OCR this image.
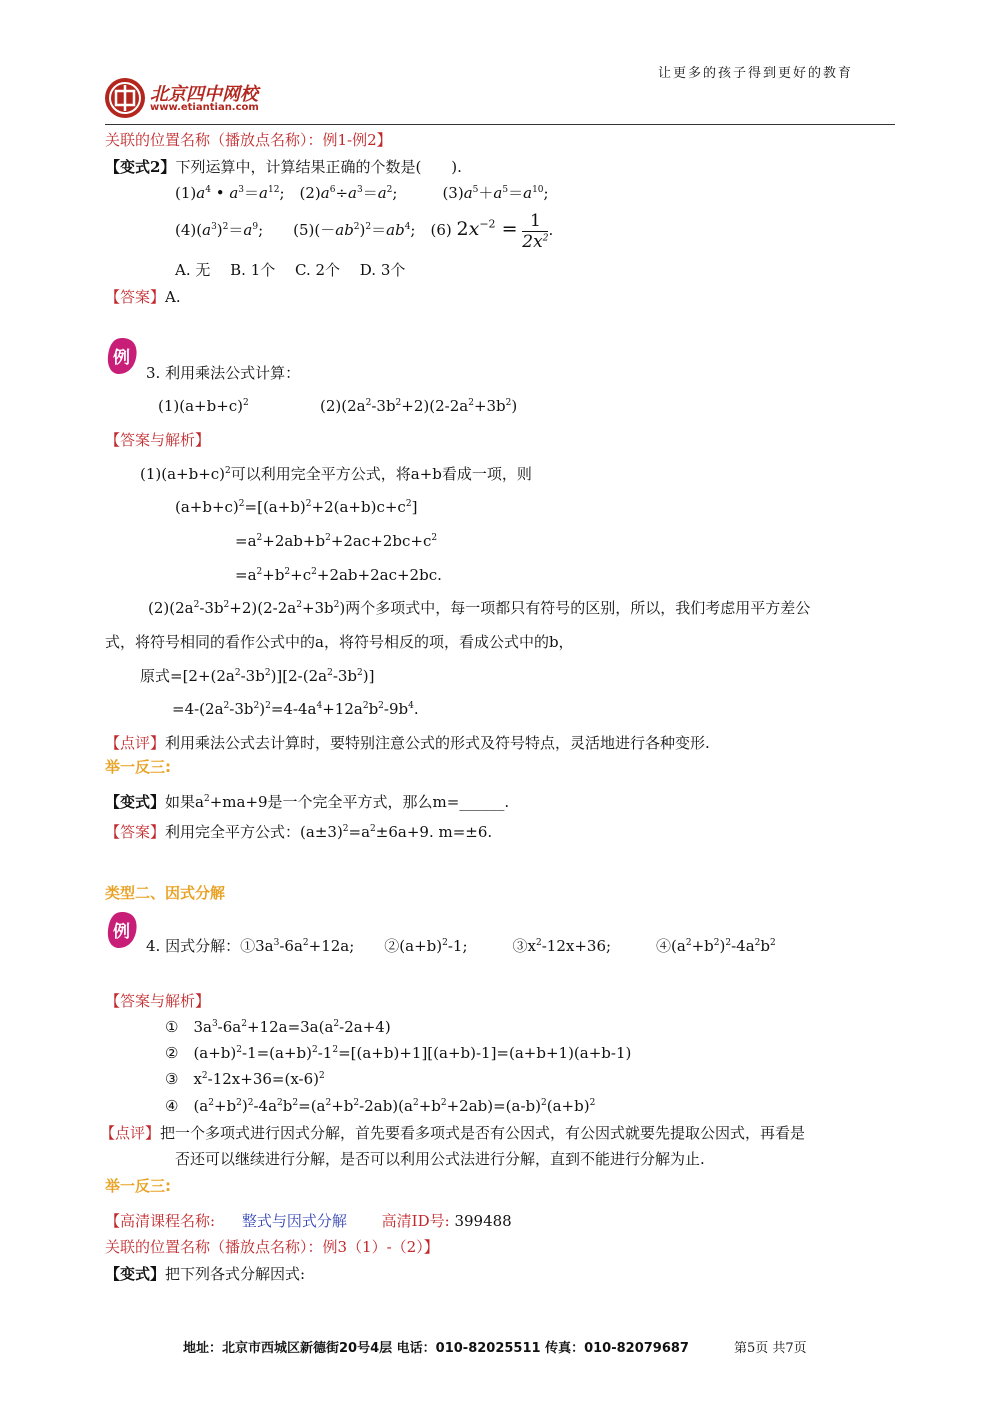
让更多的孩子得到更好的教育
北京四中网校
www.etiantian.com
关联的位置名称（播放点名称）：例1-例2】
【变式2】下列运算中，计算结果正确的个数是(　　).
$(1)a^4$ • $a^3=a^{12}$;　$(2)a^6\div a^3=a^2$;　　　$(3)a^5+a^5=a^{10}$;
$(4)(a^3)^2=a^9$;　　$(5)(-ab^2)^2=ab^4$;　(6) $2x^{-2} = \frac{1}{2x^2}$ .
A. 无　 B. 1个　 C. 2个　 D. 3个
【答案】A.
例
3. 利用乘法公式计算：
$(1)(a+b+c)^2$	$(2)(2a^2-3b^2+2)(2-2a^2+3b^2)$
【答案与解析】
$(1)(a+b+c)^2$可以利用完全平方公式，将a+b看成一项，则
$(a+b+c)^2=[(a+b)^2+2(a+b)c+c^2]$
$=a^2+2ab+b^2+2ac+2bc+c^2$
$=a^2+b^2+c^2+2ab+2ac+2bc$.
$(2)(2a^2-3b^2+2)(2-2a^2+3b^2)$两个多项式中，每一项都只有符号的区别，所以，我们考虑用平方差公
式，将符号相同的看作公式中的a，将符号相反的项，看成公式中的b，
原式$=[2+(2a^2-3b^2)][2-(2a^2-3b^2)]$
$=4-(2a^2-3b^2)^2=4-4a^4+12a^2b^2-9b^4$.
【点评】利用乘法公式去计算时，要特别注意公式的形式及符号特点，灵活地进行各种变形.
举一反三:
【变式】如果$a^2+ma+9$是一个完全平方式，那么m=______.
【答案】利用完全平方公式：$(a\pm 3)^2=a^2\pm 6a+9$. m=±6.
类型二、因式分解
例
4. 因式分解：$①3a^3-6a^2+12a$;　　$②(a+b)^2-1$;　　　$③x^2-12x+36$;　　　$④(a^2+b^2)^2-4a^2b^2$
【答案与解析】
①　$3a^3-6a^2+12a=3a(a^2-2a+4)$
②　$(a+b)^2-1=(a+b)^2-1^2=[(a+b)+1][(a+b)-1]=(a+b+1)(a+b-1)$
③　$x^2-12x+36=(x-6)^2$
④　$(a^2+b^2)^2-4a^2b^2=(a^2+b^2-2ab)(a^2+b^2+2ab)=(a-b)^2(a+b)^2$
【点评】把一个多项式进行因式分解，首先要看多项式是否有公因式，有公因式就要先提取公因式，再看是
否还可以继续进行分解，是否可以利用公式法进行分解，直到不能进行分解为止.
举一反三:
【高清课程名称: 整式与因式分解 高清ID号: 399488
关联的位置名称（播放点名称）：例3（1）-（2）】
【变式】把下列各式分解因式:
地址：北京市西城区新德街20号4层 电话：010-82025511 传真：010-82079687	第5页 共7页
